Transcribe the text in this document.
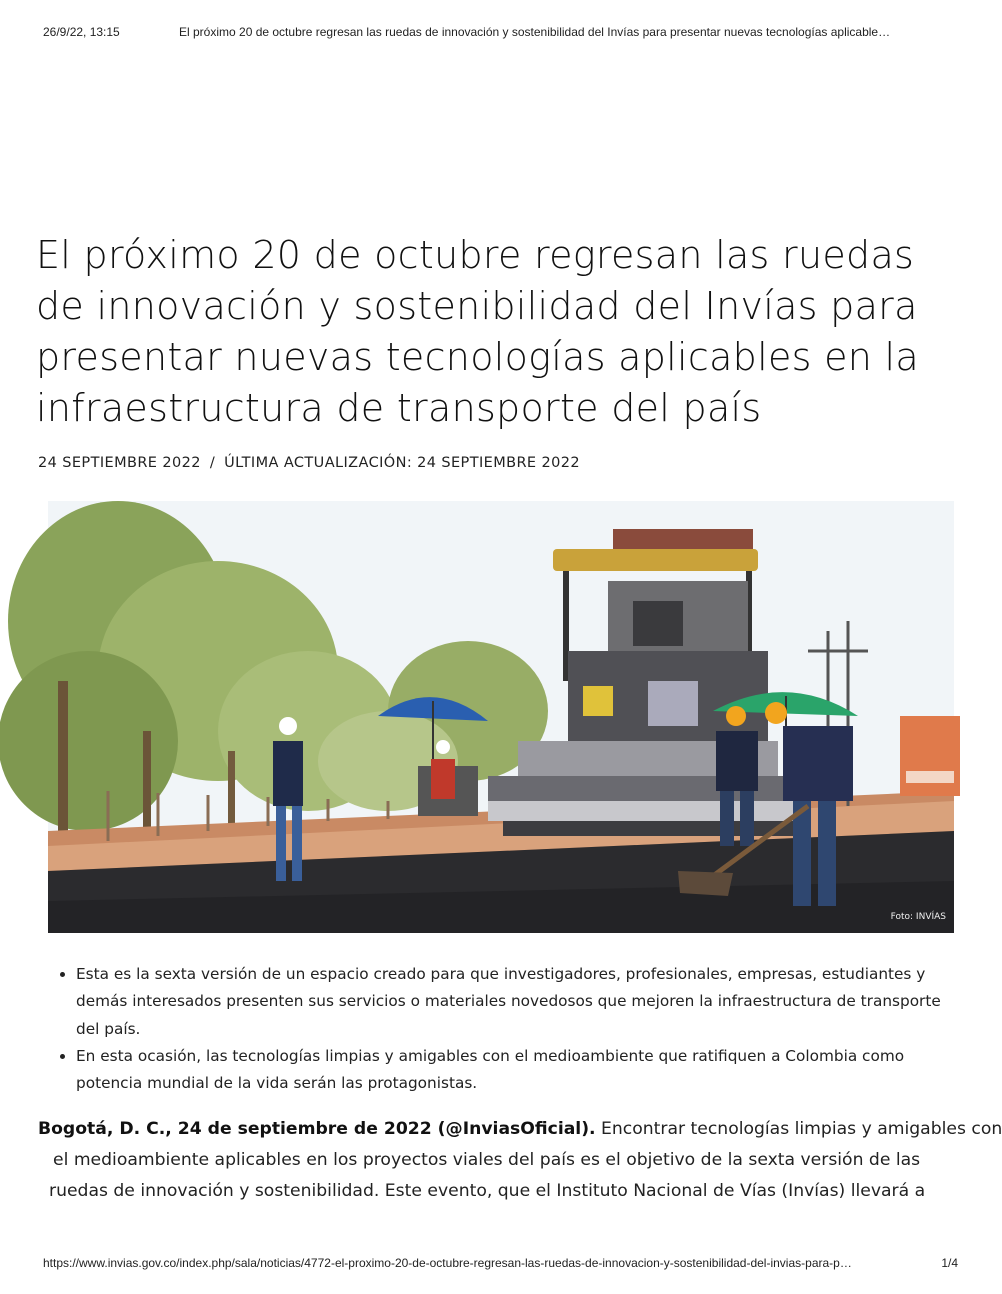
26/9/22, 13:15	El próximo 20 de octubre regresan las ruedas de innovación y sostenibilidad del Invías para presentar nuevas tecnologías aplicable…
El próximo 20 de octubre regresan las ruedas
de innovación y sostenibilidad del Invías para
presentar nuevas tecnologías aplicables en la
infraestructura de transporte del país
24 SEPTIEMBRE 2022 / ÚLTIMA ACTUALIZACIÓN: 24 SEPTIEMBRE 2022
Foto: INVÍAS
• Esta es la sexta versión de un espacio creado para que investigadores, profesionales, empresas, estudiantes y demás interesados presenten sus servicios o materiales novedosos que mejoren la infraestructura de transporte del país.
• En esta ocasión, las tecnologías limpias y amigables con el medioambiente que ratifiquen a Colombia como potencia mundial de la vida serán las protagonistas.
Bogotá, D. C., 24 de septiembre de 2022 (@InviasOficial). Encontrar tecnologías limpias y amigables con
el medioambiente aplicables en los proyectos viales del país es el objetivo de la sexta versión de las
ruedas de innovación y sostenibilidad. Este evento, que el Instituto Nacional de Vías (Invías) llevará a
https://www.invias.gov.co/index.php/sala/noticias/4772-el-proximo-20-de-octubre-regresan-las-ruedas-de-innovacion-y-sostenibilidad-del-invias-para-p…	1/4
